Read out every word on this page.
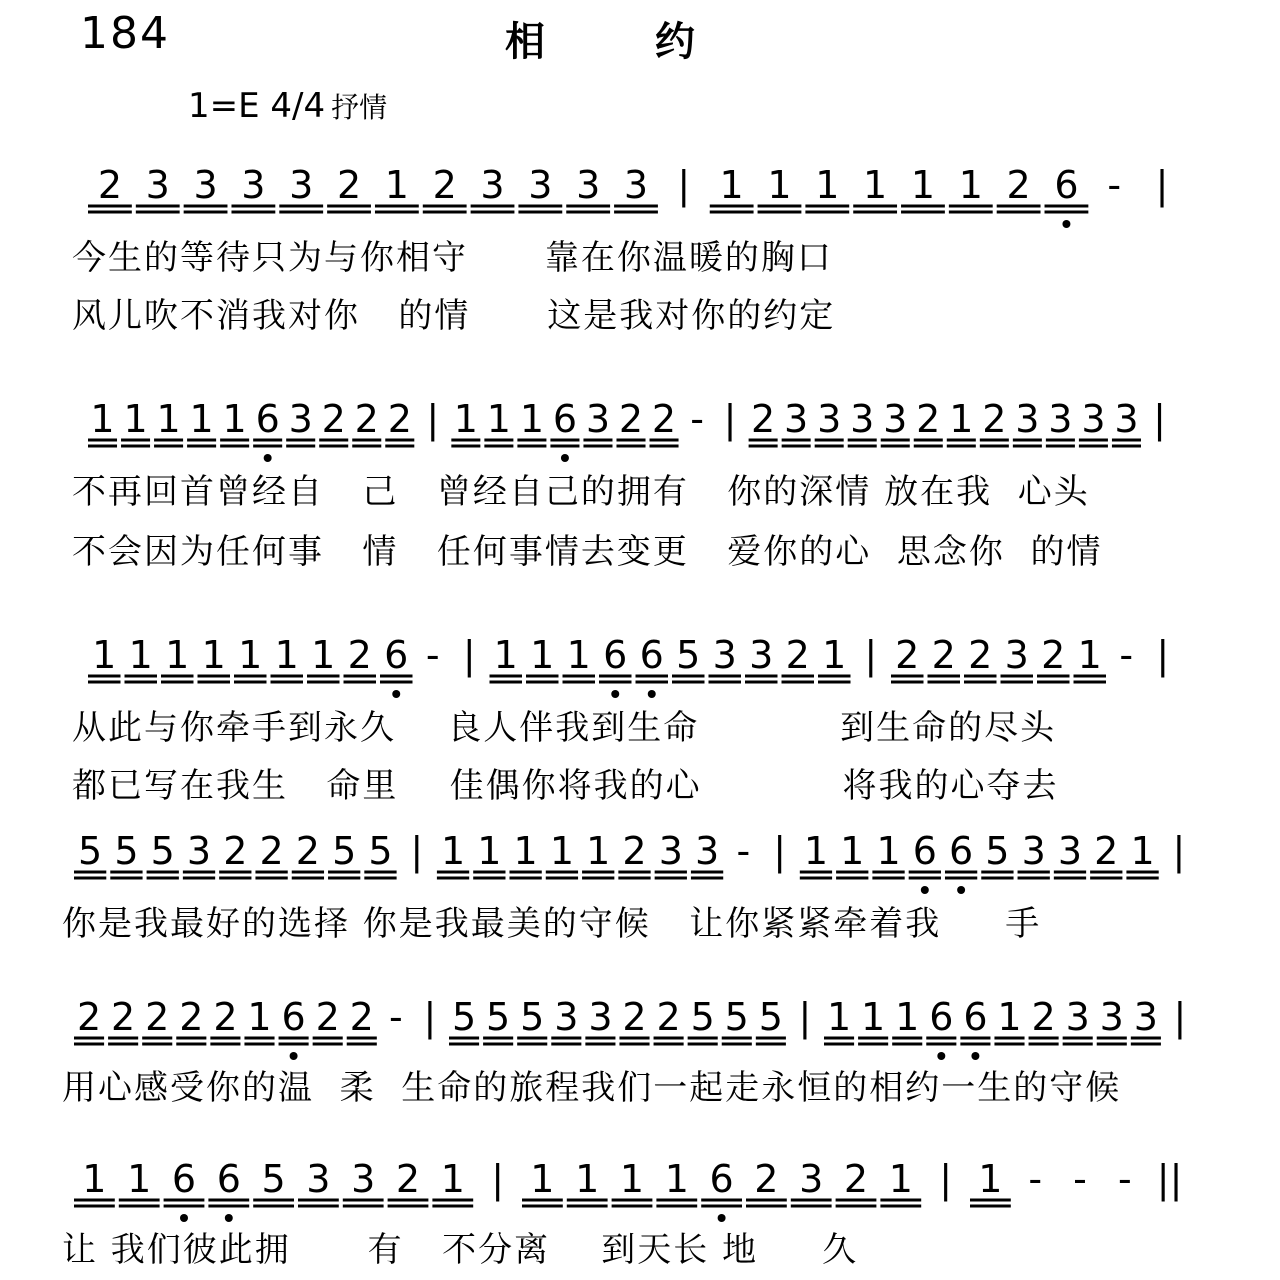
184	相约
1=E 4/4 抒情
2 3 3 3 3 2 1 2 3 3 3 3 | 1 1 1 1 1 1 2 6 - |
1 1 1 1 1 6 3 2 2 2 | 1 1 1 6 3 2 2 - | 2 3 3 3 3 2 1 2 3 3 3 3 |
1 1 1 1 1 1 1 2 6 - | 1 1 1 6 6 5 3 3 2 1 | 2 2 2 3 2 1 - |
5 5 5 3 2 2 2 5 5 | 1 1 1 1 1 2 3 3 - | 1 1 1 6 6 5 3 3 2 1 |
2 2 2 2 2 1 6 2 2 - | 5 5 5 3 3 2 2 5 5 5 | 1 1 1 6 6 1 2 3 3 3 |
1 1 6 6 5 3 3 2 1 | 1 1 1 1 6 2 3 2 1 | 1 - - - ||
今生的等待只为与你相守      靠在你温暖的胸口
风儿吹不消我对你   的情      这是我对你的约定
不再回首曾经自   己   曾经自己的拥有   你的深情 放在我  心头
不会因为任何事   情   任何事情去变更   爱你的心  思念你  的情
从此与你牵手到永久    良人伴我到生命           到生命的尽头
都已写在我生   命里    佳偶你将我的心           将我的心夺去
你是我最好的选择 你是我最美的守候   让你紧紧牵着我     手
用心感受你的温  柔  生命的旅程我们一起走永恒的相约一生的守候
让 我们彼此拥      有   不分离    到天长 地     久
